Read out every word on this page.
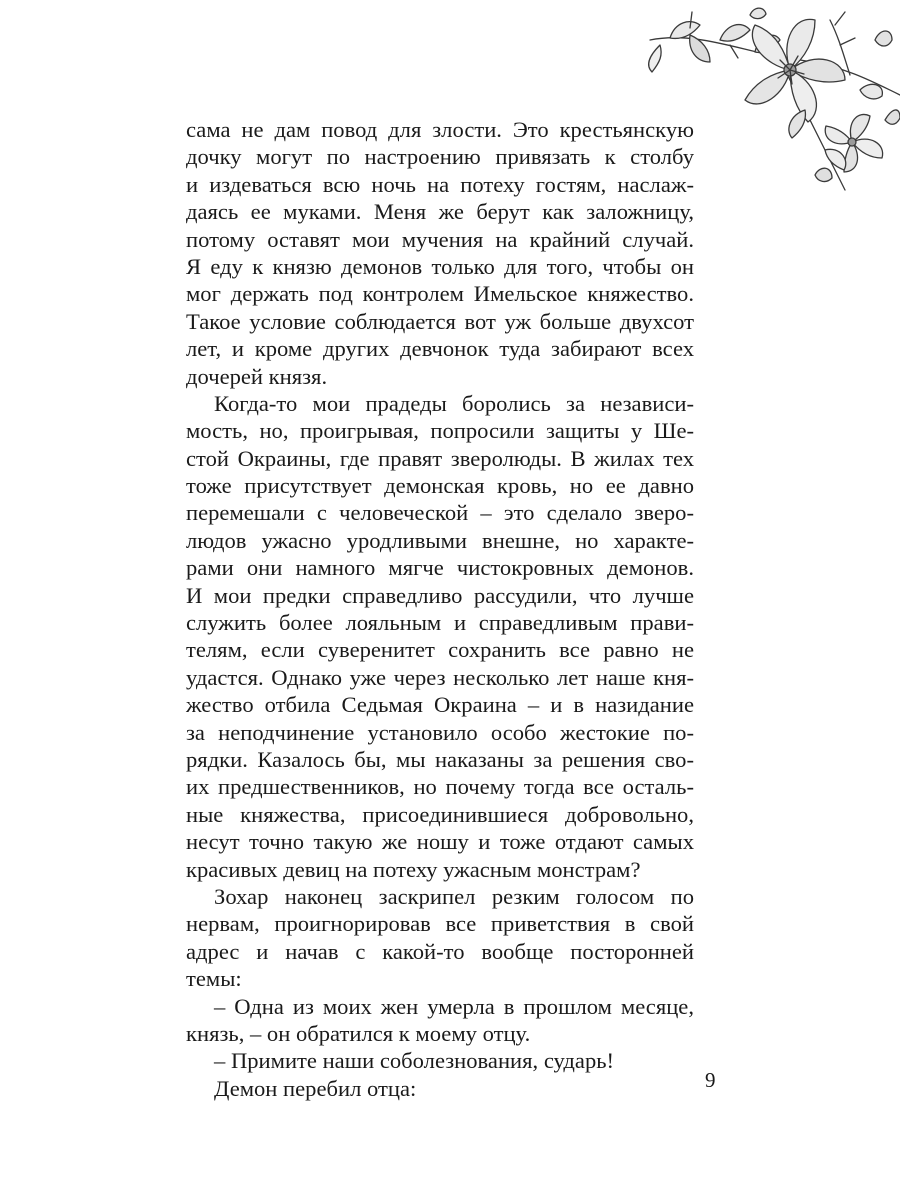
сама не дам повод для злости. Это крестьянскую
дочку могут по настроению привязать к столбу
и издеваться всю ночь на потеху гостям, наслаж-
даясь ее муками. Меня же берут как заложницу,
потому оставят мои мучения на крайний случай.
Я еду к князю демонов только для того, чтобы он
мог держать под контролем Имельское княжество.
Такое условие соблюдается вот уж больше двухсот
лет, и кроме других девчонок туда забирают всех
дочерей князя.
Когда-то мои прадеды боролись за независи-
мость, но, проигрывая, попросили защиты у Ше-
стой Окраины, где правят зверолюды. В жилах тех
тоже присутствует демонская кровь, но ее давно
перемешали с человеческой – это сделало звеpo-
людов ужасно уродливыми внешне, но характе-
рами они намного мягче чистокровных демонов.
И мои предки справедливо рассудили, что лучше
служить более лояльным и справедливым прави-
телям, если суверенитет сохранить все равно не
удастся. Однако уже через несколько лет наше кня-
жество отбила Седьмая Окраина – и в назидание
за неподчинение установило особо жестокие по-
рядки. Казалось бы, мы наказаны за решения сво-
их предшественников, но почему тогда все осталь-
ные княжества, присоединившиеся добровольно,
несут точно такую же ношу и тоже отдают самых
красивых девиц на потеху ужасным монстрам?
Зохар наконец заскрипел резким голосом по
нервам, проигнорировав все приветствия в свой
адрес и начав с какой-то вообще посторонней
темы:
– Одна из моих жен умерла в прошлом месяце,
князь, – он обратился к моему отцу.
– Примите наши соболезнования, сударь!
Демон перебил отца:	9
